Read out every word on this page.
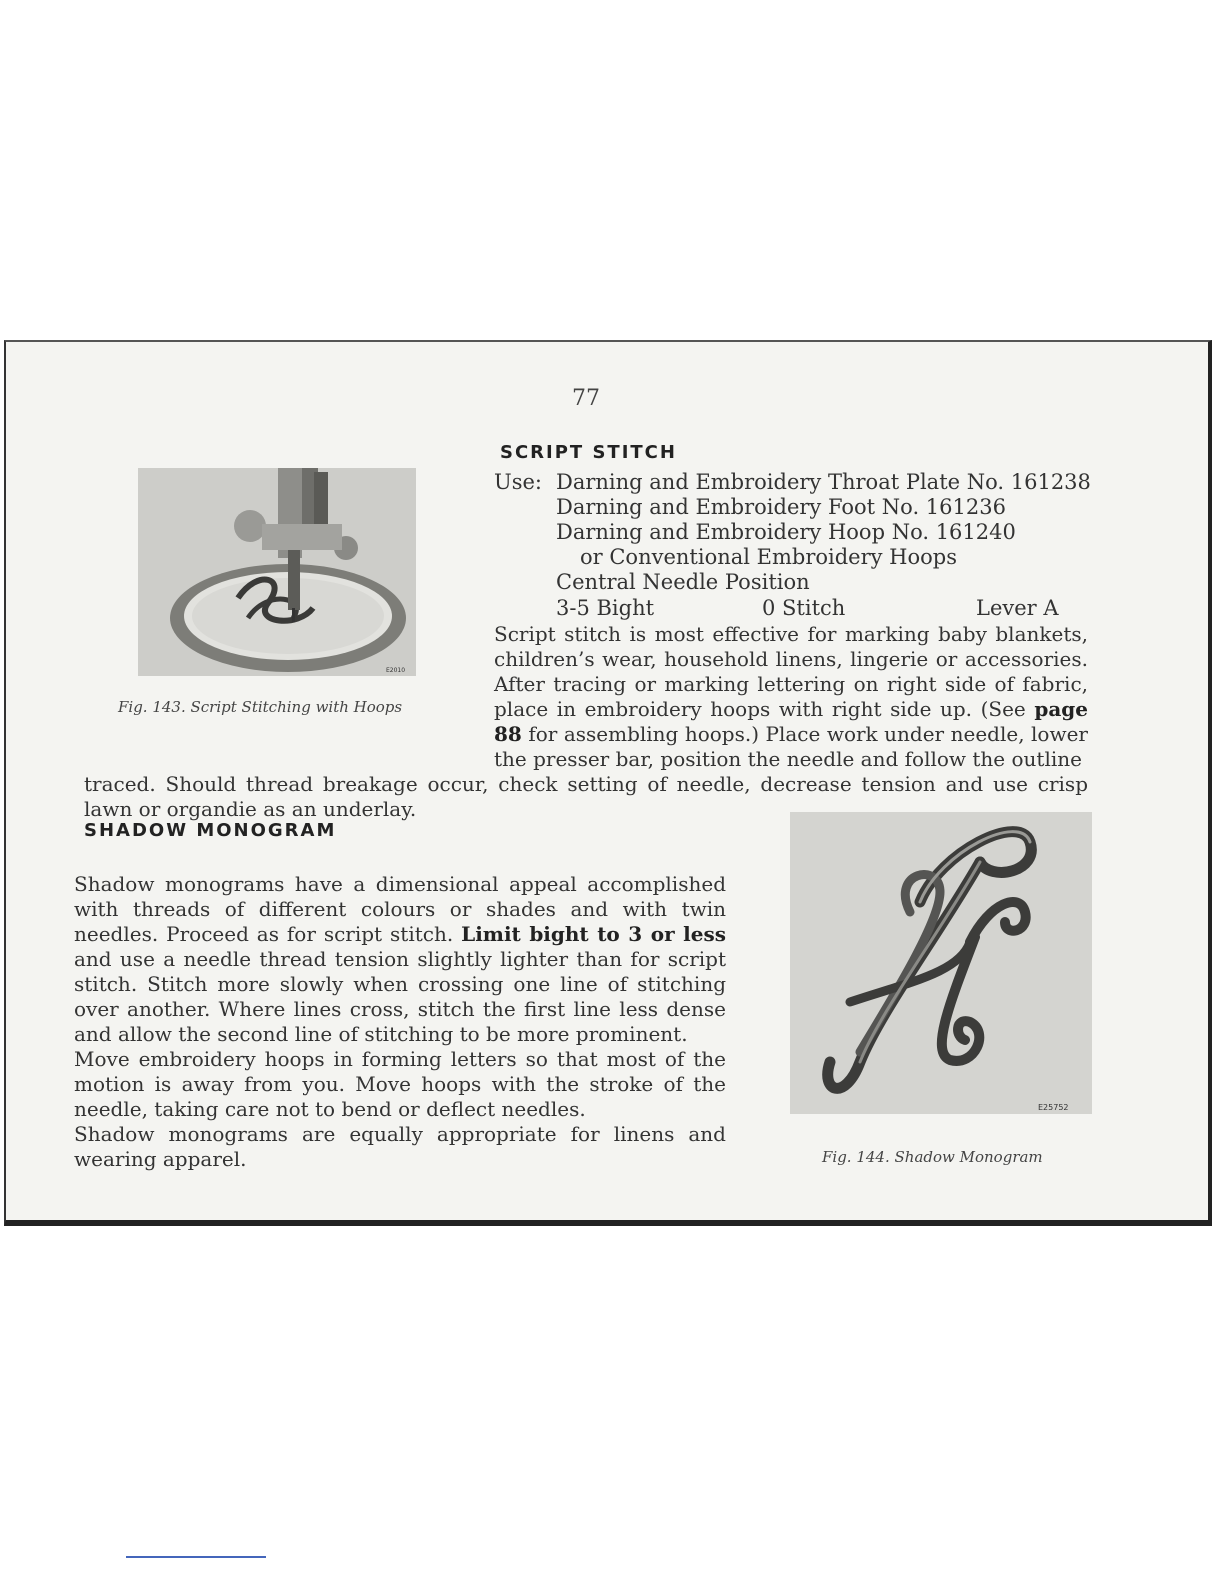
77
E2010
Fig. 143. Script Stitching with Hoops
SCRIPT STITCH
Use: Darning and Embroidery Throat Plate No. 161238
Darning and Embroidery Foot No. 161236
Darning and Embroidery Hoop No. 161240
or Conventional Embroidery Hoops
Central Needle Position
3-5 Bight	0 Stitch	Lever A
Script stitch is most effective for marking baby blankets, children’s wear, household linens, lingerie or accessories. After tracing or marking lettering on right side of fabric, place in embroidery hoops with right side up. (See page 88 for assembling hoops.) Place work under needle, lower the presser bar, position the needle and follow the outline
traced. Should thread breakage occur, check setting of needle, decrease tension and use crisp lawn or organdie as an underlay.
SHADOW MONOGRAM
Shadow monograms have a dimensional appeal accomplished with threads of different colours or shades and with twin needles. Proceed as for script stitch. Limit bight to 3 or less and use a needle thread tension slightly lighter than for script stitch. Stitch more slowly when crossing one line of stitching over another. Where lines cross, stitch the first line less dense and allow the second line of stitching to be more prominent.
Move embroidery hoops in forming letters so that most of the motion is away from you. Move hoops with the stroke of the needle, taking care not to bend or deflect needles.
Shadow monograms are equally appropriate for linens and wearing apparel.
E25752
Fig. 144. Shadow Monogram
